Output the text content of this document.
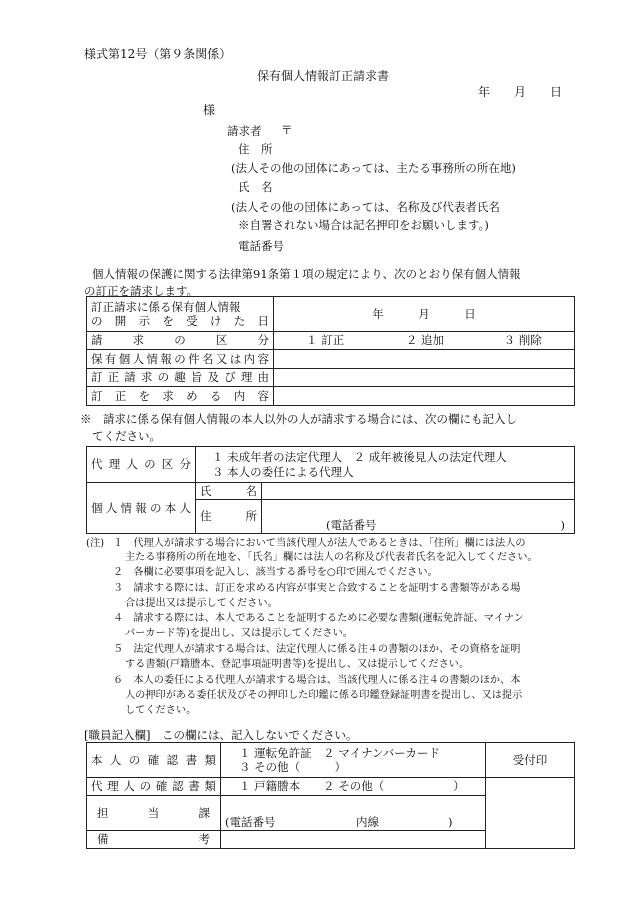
様式第12号（第９条関係）
保有個人情報訂正請求書
年　　月　　日
様
請求者 〒
住　所
(法人その他の団体にあっては、主たる事務所の所在地)
氏　名
(法人その他の団体にあっては、名称及び代表者氏名
※自署されない場合は記名押印をお願いします。)
電話番号
個人情報の保護に関する法律第91条第１項の規定により、次のとおり保有個人情報
の訂正を請求します。
訂正請求に係る保有個人情報
の開示を受けた日	年　　　月　　　日
請求の区分	１ 訂正 ２ 追加 ３ 削除
保有個人情報の件名又は内容	
訂正請求の趣旨及び理由	
訂正を求める内容	
※　請求に係る保有個人情報の本人以外の人が請求する場合には、次の欄にも記入し
てください。
代理人の区分	１ 未成年者の法定代理人　２ 成年被後見人の法定代理人
３ 本人の委任による代理人	

個人情報の本人	氏　名	
	住　所	(電話番号　　　　　　　　　　　　　　　　)
(注) １　代理人が請求する場合において当該代理人が法人であるときは、「住所」欄には法人の
主たる事務所の所在地を、「氏名」欄には法人の名称及び代表者氏名を記入してください。
２　各欄に必要事項を記入し、該当する番号を○印で囲んでください。
３　請求する際には、訂正を求める内容が事実と合致することを証明する書類等がある場
合は提出又は提示してください。
４　請求する際には、本人であることを証明するために必要な書類(運転免許証、マイナン
バーカード等)を提出し、又は提示してください。
５　法定代理人が請求する場合は、法定代理人に係る注４の書類のほか、その資格を証明
する書類(戸籍謄本、登記事項証明書等)を提出し、又は提示してください。
６　本人の委任による代理人が請求する場合は、当該代理人に係る注４の書類のほか、本
人の押印がある委任状及びその押印した印鑑に係る印鑑登録証明書を提出し、又は提示
してください。
[職員記入欄]　この欄には、記入しないでください。
本人の確認書類	１ 運転免許証　２ マイナンバーカード
３ その他（　　　）	受付印
代理人の確認書類	１ 戸籍謄本　　２ その他（　　　　　　）	
担当課	(電話番号　　　　　　　内線　　　　　　)	
備考		
